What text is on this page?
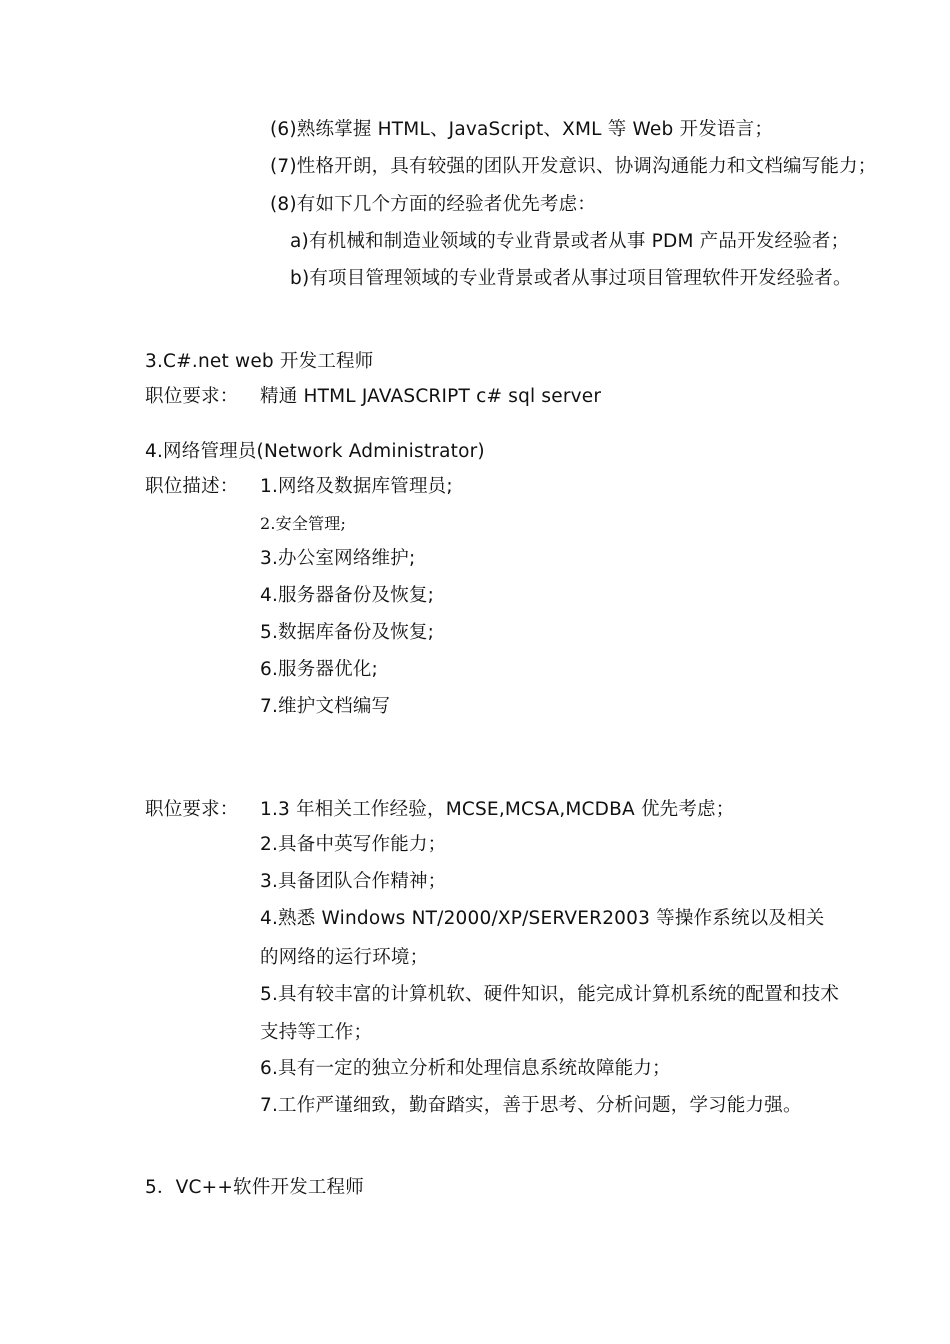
(6)熟练掌握 HTML、JavaScript、XML 等 Web 开发语言；
(7)性格开朗，具有较强的团队开发意识、协调沟通能力和文档编写能力；
(8)有如下几个方面的经验者优先考虑：
a)有机械和制造业领域的专业背景或者从事 PDM 产品开发经验者；
b)有项目管理领域的专业背景或者从事过项目管理软件开发经验者。
3.C#.net web 开发工程师
职位要求： 精通 HTML JAVASCRIPT c# sql server
4.网络管理员(Network Administrator)
职位描述： 1.网络及数据库管理员;
2.安全管理;
3.办公室网络维护;
4.服务器备份及恢复;
5.数据库备份及恢复;
6.服务器优化;
7.维护文档编写
职位要求： 1.3 年相关工作经验，MCSE,MCSA,MCDBA 优先考虑；
2.具备中英写作能力；
3.具备团队合作精神；
4.熟悉 Windows NT/2000/XP/SERVER2003 等操作系统以及相关
的网络的运行环境；
5.具有较丰富的计算机软、硬件知识，能完成计算机系统的配置和技术
支持等工作；
6.具有一定的独立分析和处理信息系统故障能力；
7.工作严谨细致，勤奋踏实，善于思考、分析问题，学习能力强。
5．VC++软件开发工程师
